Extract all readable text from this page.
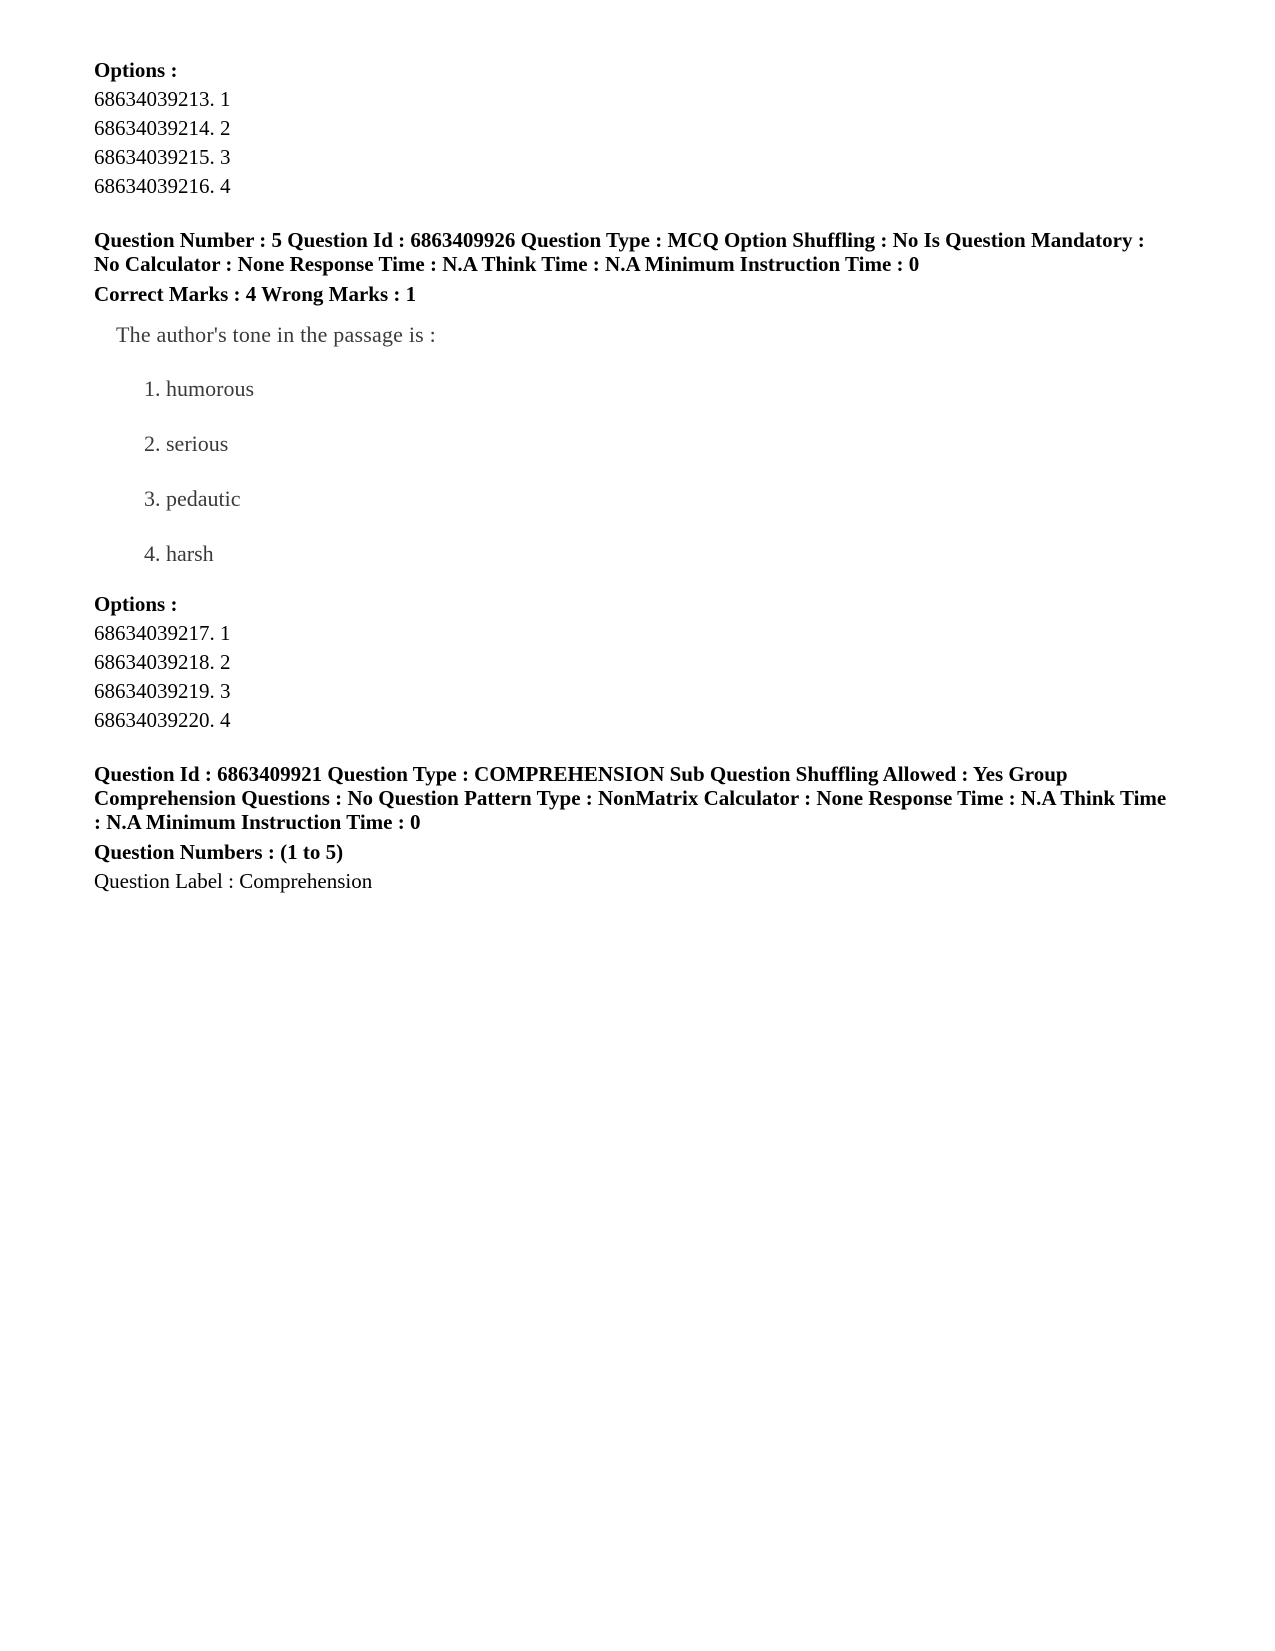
Options :

68634039213. 1

68634039214. 2

68634039215. 3

68634039216. 4

Question Number : 5 Question Id : 6863409926 Question Type : MCQ Option Shuffling : No Is Question Mandatory :

No Calculator : None Response Time : N.A Think Time : N.A Minimum Instruction Time : 0

Correct Marks : 4 Wrong Marks : 1

The author's tone in the passage is :

1. humorous

2. serious

3. pedautic

4. harsh

Options :

68634039217. 1

68634039218. 2

68634039219. 3

68634039220. 4

Question Id : 6863409921 Question Type : COMPREHENSION Sub Question Shuffling Allowed : Yes Group

Comprehension Questions : No Question Pattern Type : NonMatrix Calculator : None Response Time : N.A Think Time

: N.A Minimum Instruction Time : 0

Question Numbers : (1 to 5)

Question Label : Comprehension
